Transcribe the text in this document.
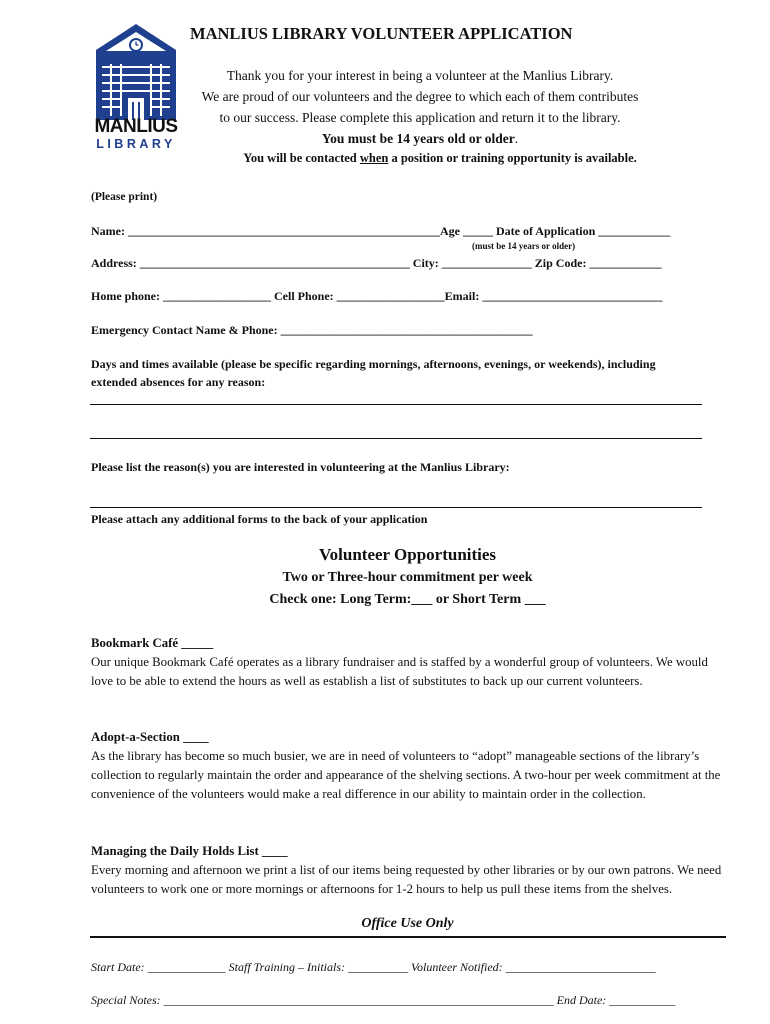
MANLIUS
LIBRARY
MANLIUS LIBRARY VOLUNTEER APPLICATION
Thank you for your interest in being a volunteer at the Manlius Library.
We are proud of our volunteers and the degree to which each of them contributes
to our success. Please complete this application and return it to the library.
You must be 14 years old or older.
You will be contacted when a position or training opportunity is available.
(Please print)
Name: ____________________________________________________Age _____ Date of Application ____________
(must be 14 years or older)
Address: _____________________________________________ City: _______________ Zip Code: ____________
Home phone: __________________ Cell Phone: __________________Email: ______________________________
Emergency Contact Name & Phone: __________________________________________
Days and times available (please be specific regarding mornings, afternoons, evenings, or weekends), including
extended absences for any reason:
Please list the reason(s) you are interested in volunteering at the Manlius Library:
Please attach any additional forms to the back of your application
Volunteer Opportunities
Two or Three-hour commitment per week
Check one: Long Term:___ or Short Term ___
Bookmark Café _____
Our unique Bookmark Café operates as a library fundraiser and is staffed by a wonderful group of volunteers. We would love to be able to extend the hours as well as establish a list of substitutes to back up our current volunteers.
Adopt-a-Section ____
As the library has become so much busier, we are in need of volunteers to “adopt” manageable sections of the library’s collection to regularly maintain the order and appearance of the shelving sections. A two-hour per week commitment at the convenience of the volunteers would make a real difference in our ability to maintain order in the collection.
Managing the Daily Holds List ____
Every morning and afternoon we print a list of our items being requested by other libraries or by our own patrons. We need volunteers to work one or more mornings or afternoons for 1-2 hours to help us pull these items from the shelves.
Office Use Only
Start Date: _____________ Staff Training – Initials: __________ Volunteer Notified: _________________________
Special Notes: _________________________________________________________________ End Date: ___________
